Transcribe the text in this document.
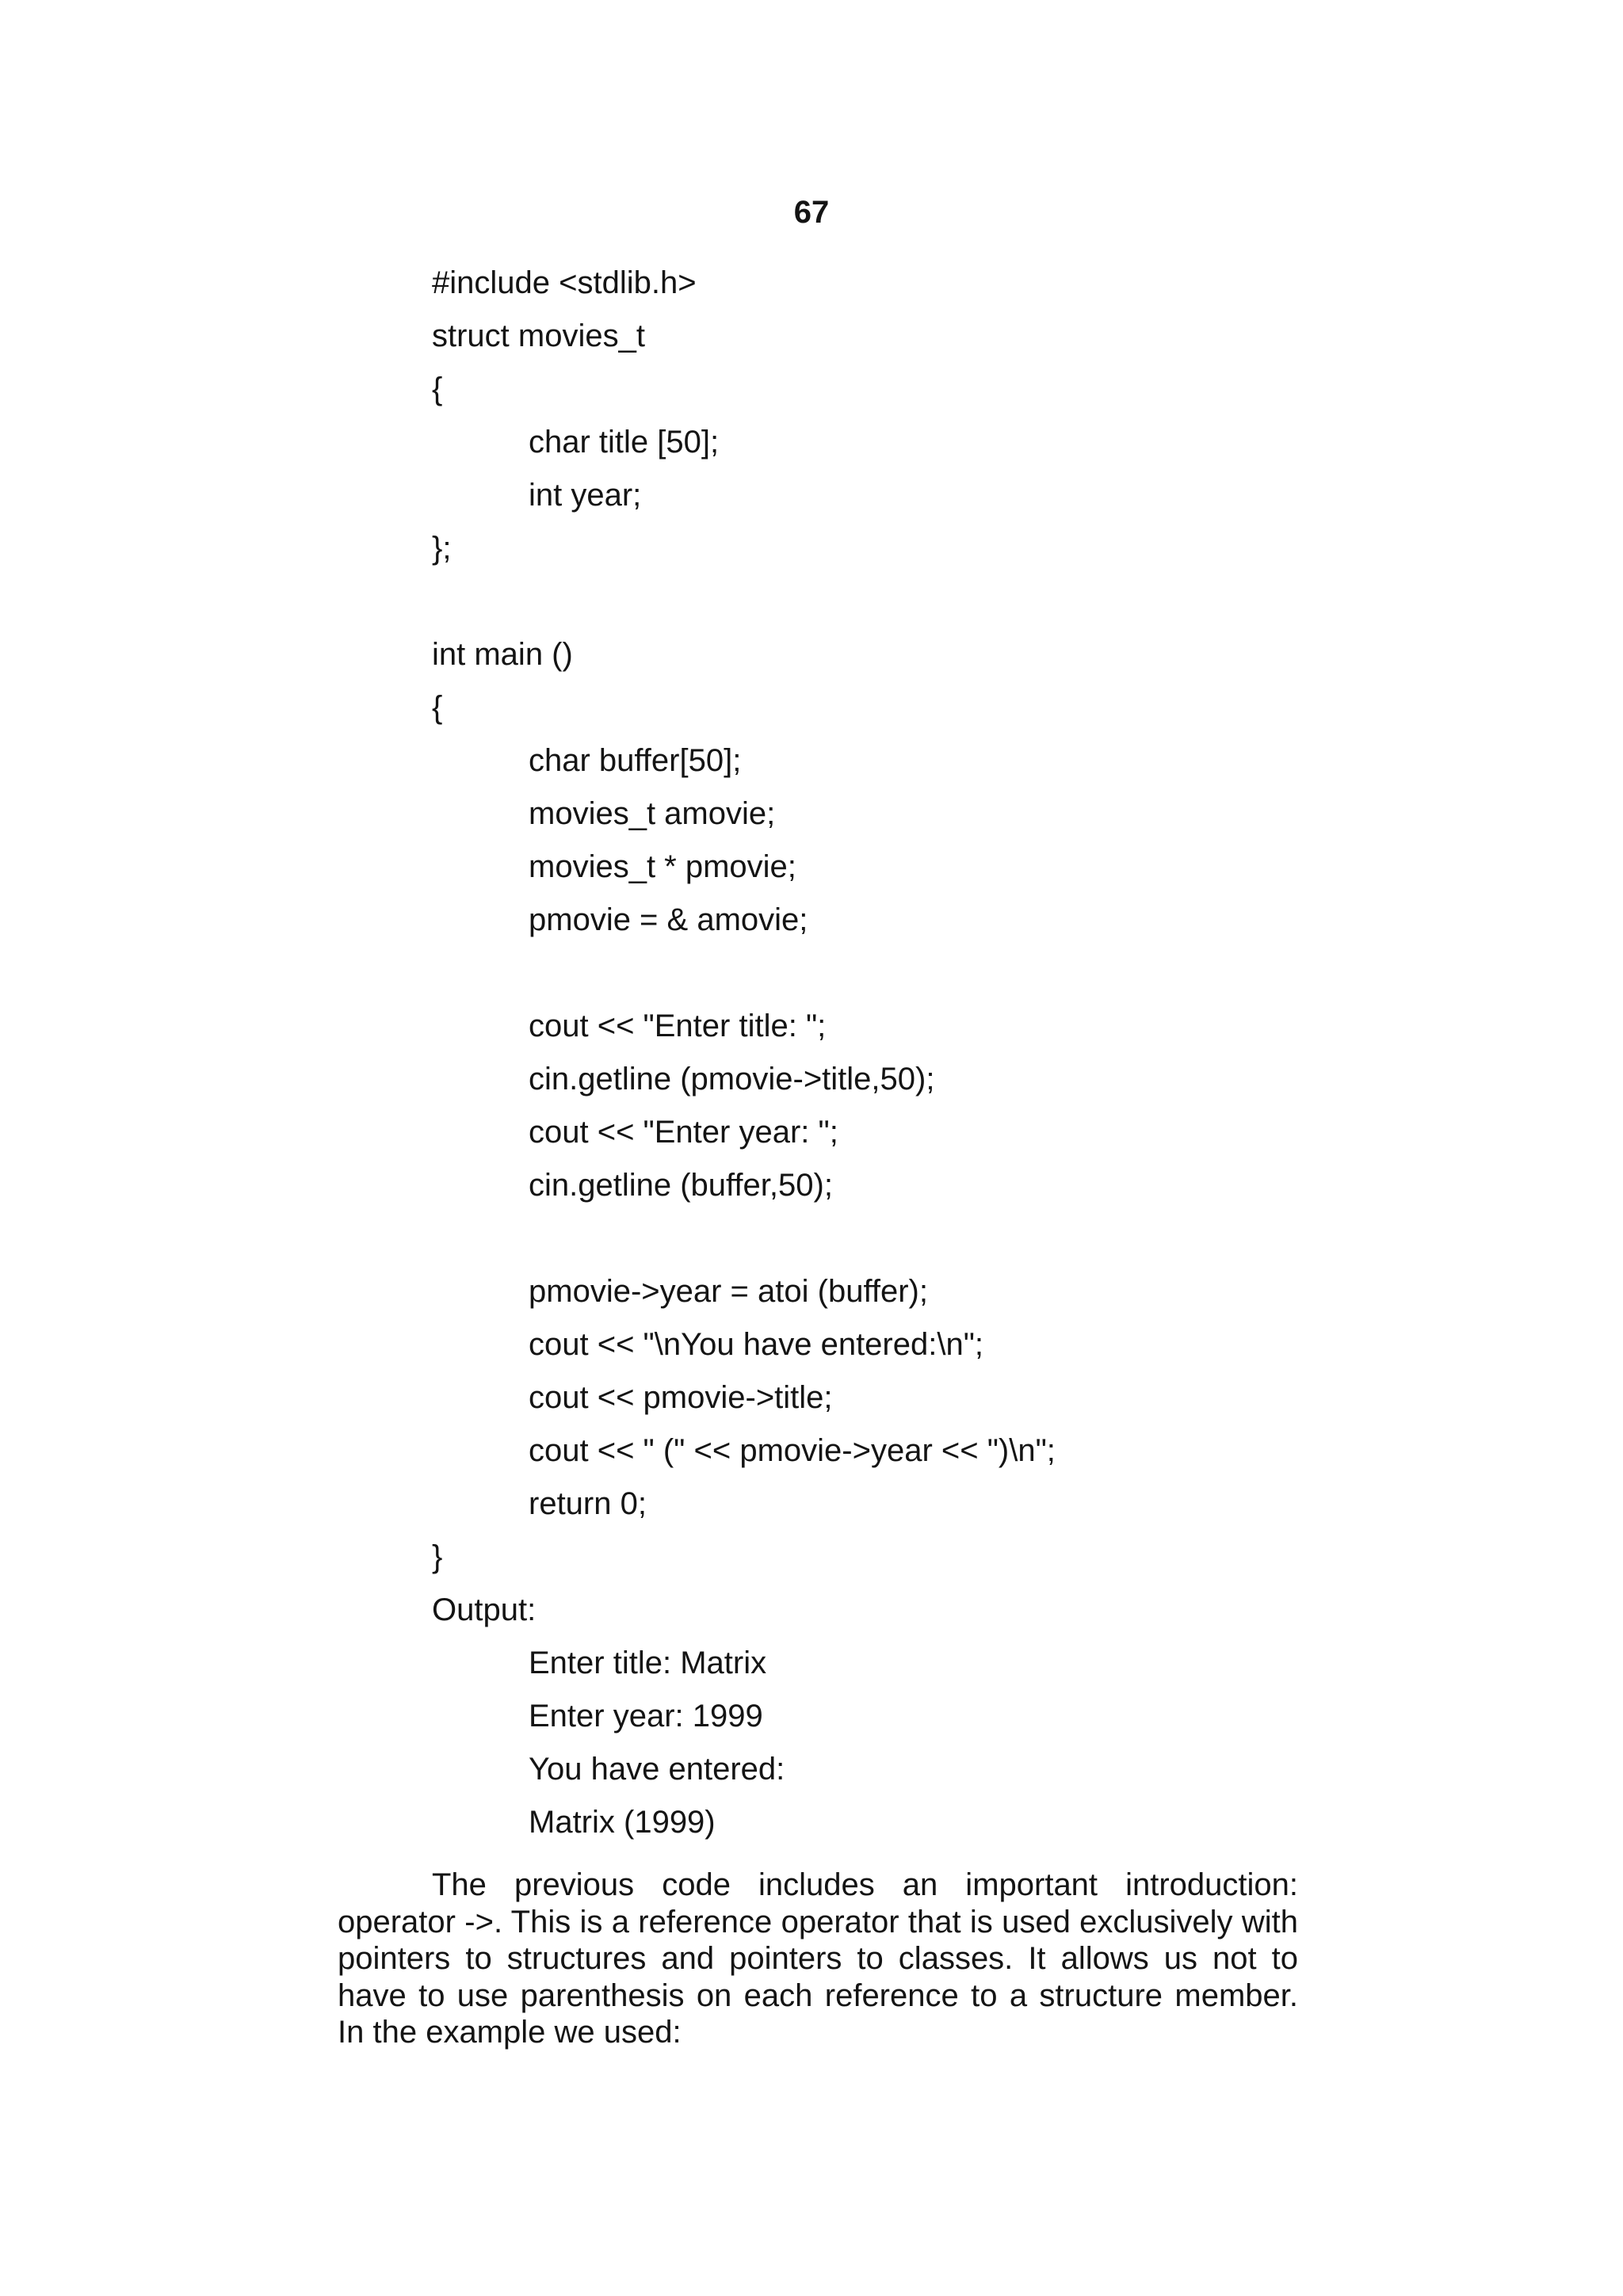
67
#include <stdlib.h>
struct movies_t
{
char title [50];
int year;
};
int main ()
{
char buffer[50];
movies_t amovie;
movies_t * pmovie;
pmovie = & amovie;
cout << "Enter title: ";
cin.getline (pmovie->title,50);
cout << "Enter year: ";
cin.getline (buffer,50);
pmovie->year = atoi (buffer);
cout << "\nYou have entered:\n";
cout << pmovie->title;
cout << " (" << pmovie->year << ")\n";
return 0;
}
Output:
Enter title: Matrix
Enter year: 1999
You have entered:
Matrix (1999)

The previous code includes an important introduction: operator ->. This is a reference operator that is used exclusively with pointers to structures and pointers to classes. It allows us not to have to use parenthesis on each reference to a structure member. In the example we used:
